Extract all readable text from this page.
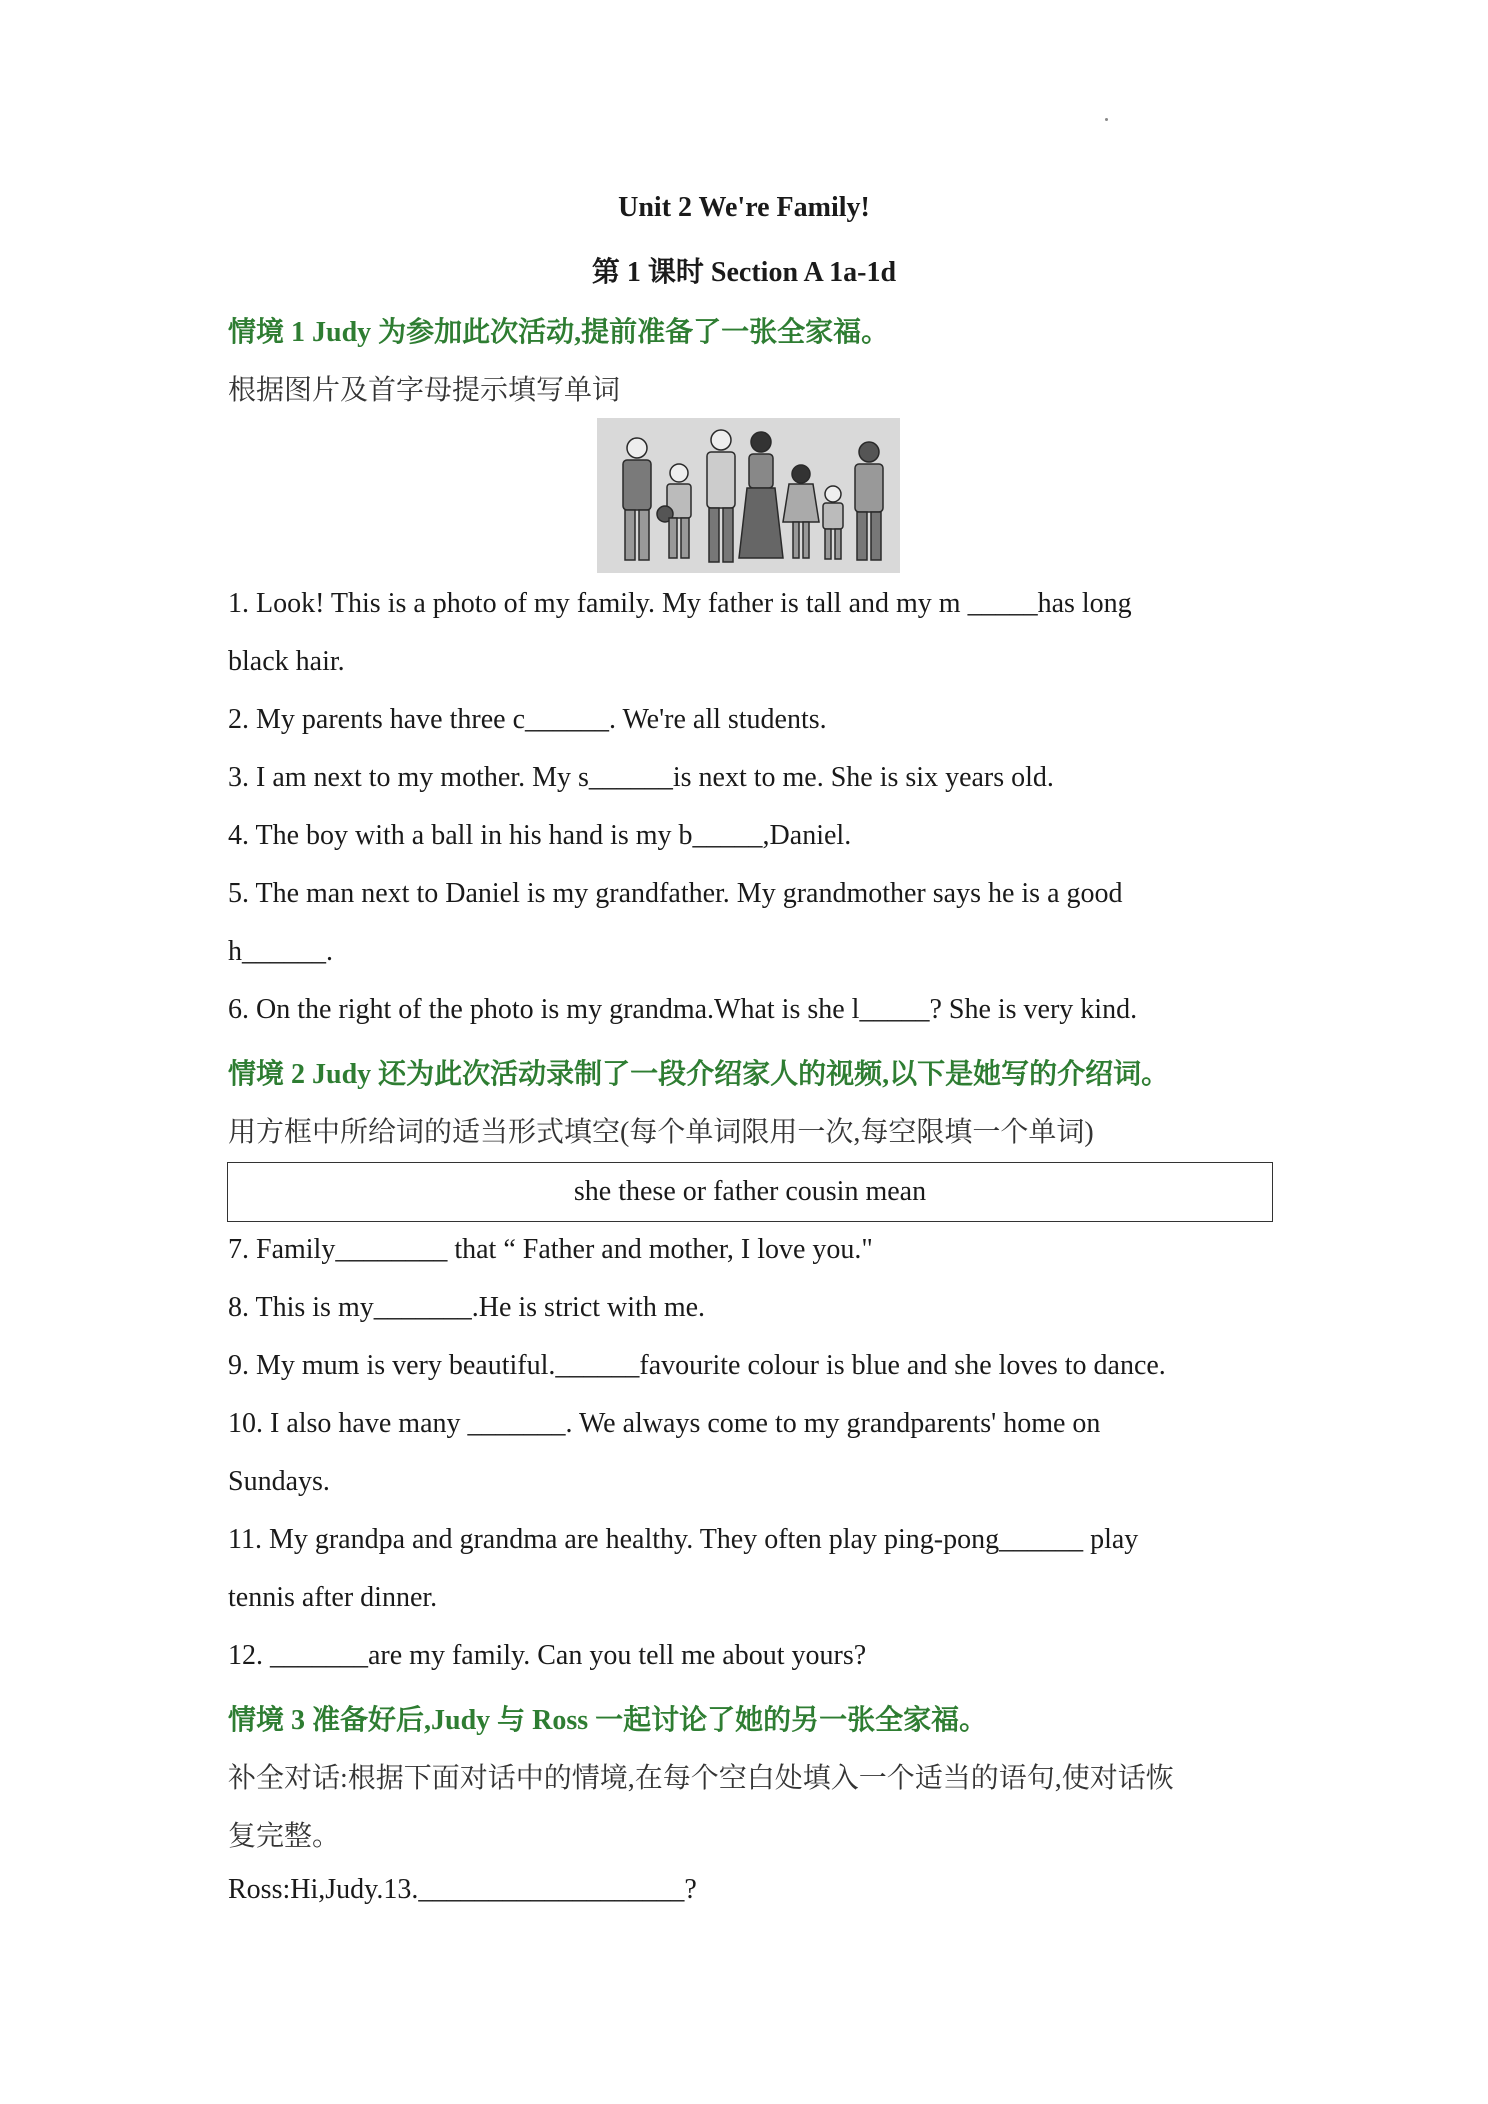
Unit 2 We're Family!
第 1 课时 Section A 1a-1d
情境 1 Judy 为参加此次活动,提前准备了一张全家福。
根据图片及首字母提示填写单词
1. Look! This is a photo of my family. My father is tall and my m _____has long
black hair.
2. My parents have three c______. We're all students.
3. I am next to my mother. My s______is next to me. She is six years old.
4. The boy with a ball in his hand is my b_____,Daniel.
5. The man next to Daniel is my grandfather. My grandmother says he is a good
h______.
6. On the right of the photo is my grandma.What is she l_____? She is very kind.
情境 2 Judy 还为此次活动录制了一段介绍家人的视频,以下是她写的介绍词。
用方框中所给词的适当形式填空(每个单词限用一次,每空限填一个单词)
she these or father cousin mean
7. Family________ that “ Father and mother, I love you."
8. This is my_______.He is strict with me.
9. My mum is very beautiful.______favourite colour is blue and she loves to dance.
10. I also have many _______. We always come to my grandparents' home on
Sundays.
11. My grandpa and grandma are healthy. They often play ping-pong______ play
tennis after dinner.
12. _______are my family. Can you tell me about yours?
情境 3 准备好后,Judy 与 Ross 一起讨论了她的另一张全家福。
补全对话:根据下面对话中的情境,在每个空白处填入一个适当的语句,使对话恢
复完整。
Ross:Hi,Judy.13.___________________?
